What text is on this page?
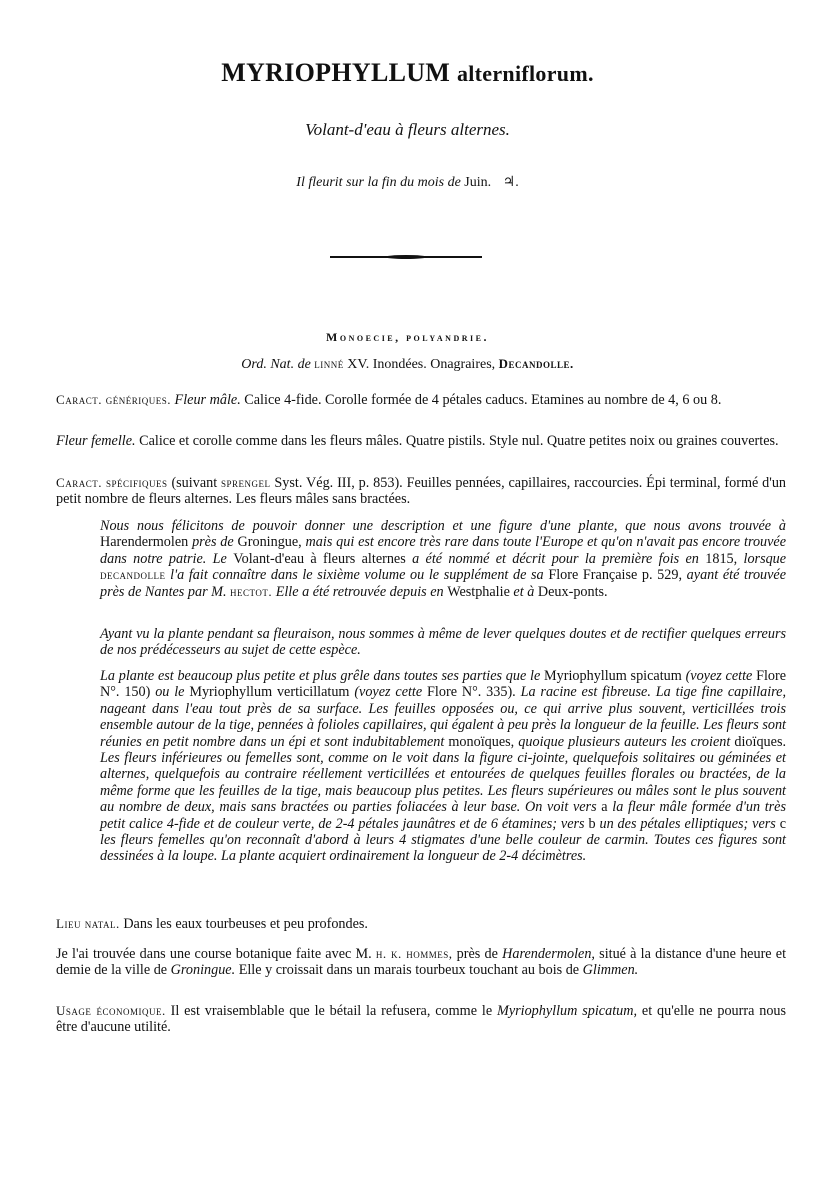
MYRIOPHYLLUM alterniflorum.
Volant-d'eau à fleurs alternes.
Il fleurit sur la fin du mois de Juin. ♃.
Monoecie, polyandrie.
Ord. Nat. de linné XV. Inondées. Onagraires, Decandolle.
Caract. génériques. Fleur mâle. Calice 4-fide. Corolle formée de 4 pétales caducs. Etamines au nombre de 4, 6 ou 8.
Fleur femelle. Calice et corolle comme dans les fleurs mâles. Quatre pistils. Style nul. Quatre petites noix ou graines couvertes.
Caract. spécifiques (suivant sprengel Syst. Vég. III, p. 853). Feuilles pennées, capillaires, raccourcies. Épi terminal, formé d'un petit nombre de fleurs alternes. Les fleurs mâles sans bractées.
Nous nous félicitons de pouvoir donner une description et une figure d'une plante, que nous avons trouvée à Harendermolen près de Groningue, mais qui est encore très rare dans toute l'Europe et qu'on n'avait pas encore trouvée dans notre patrie. Le Volant-d'eau à fleurs alternes a été nommé et décrit pour la première fois en 1815, lorsque decandolle l'a fait connaître dans le sixième volume ou le supplément de sa Flore Française p. 529, ayant été trouvée près de Nantes par M. hectot. Elle a été retrouvée depuis en Westphalie et à Deux-ponts.
Ayant vu la plante pendant sa fleuraison, nous sommes à même de lever quelques doutes et de rectifier quelques erreurs de nos prédécesseurs au sujet de cette espèce.
La plante est beaucoup plus petite et plus grêle dans toutes ses parties que le Myriophyllum spicatum (voyez cette Flore N°. 150) ou le Myriophyllum verticillatum (voyez cette Flore N°. 335). La racine est fibreuse. La tige fine capillaire, nageant dans l'eau tout près de sa surface. Les feuilles opposées ou, ce qui arrive plus souvent, verticillées trois ensemble autour de la tige, pennées à folioles capillaires, qui égalent à peu près la longueur de la feuille. Les fleurs sont réunies en petit nombre dans un épi et sont indubitablement monoïques, quoique plusieurs auteurs les croient dioïques. Les fleurs inférieures ou femelles sont, comme on le voit dans la figure ci-jointe, quelquefois solitaires ou géminées et alternes, quelquefois au contraire réellement verticillées et entourées de quelques feuilles florales ou bractées, de la même forme que les feuilles de la tige, mais beaucoup plus petites. Les fleurs supérieures ou mâles sont le plus souvent au nombre de deux, mais sans bractées ou parties foliacées à leur base. On voit vers a la fleur mâle formée d'un très petit calice 4-fide et de couleur verte, de 2-4 pétales jaunâtres et de 6 étamines; vers b un des pétales elliptiques; vers c les fleurs femelles qu'on reconnaît d'abord à leurs 4 stigmates d'une belle couleur de carmin. Toutes ces figures sont dessinées à la loupe. La plante acquiert ordinairement la longueur de 2-4 décimètres.
Lieu natal. Dans les eaux tourbeuses et peu profondes.
Je l'ai trouvée dans une course botanique faite avec M. h. k. hommes, près de Harendermolen, situé à la distance d'une heure et demie de la ville de Groningue. Elle y croissait dans un marais tourbeux touchant au bois de Glimmen.
Usage économique. Il est vraisemblable que le bétail la refusera, comme le Myriophyllum spicatum, et qu'elle ne pourra nous être d'aucune utilité.
